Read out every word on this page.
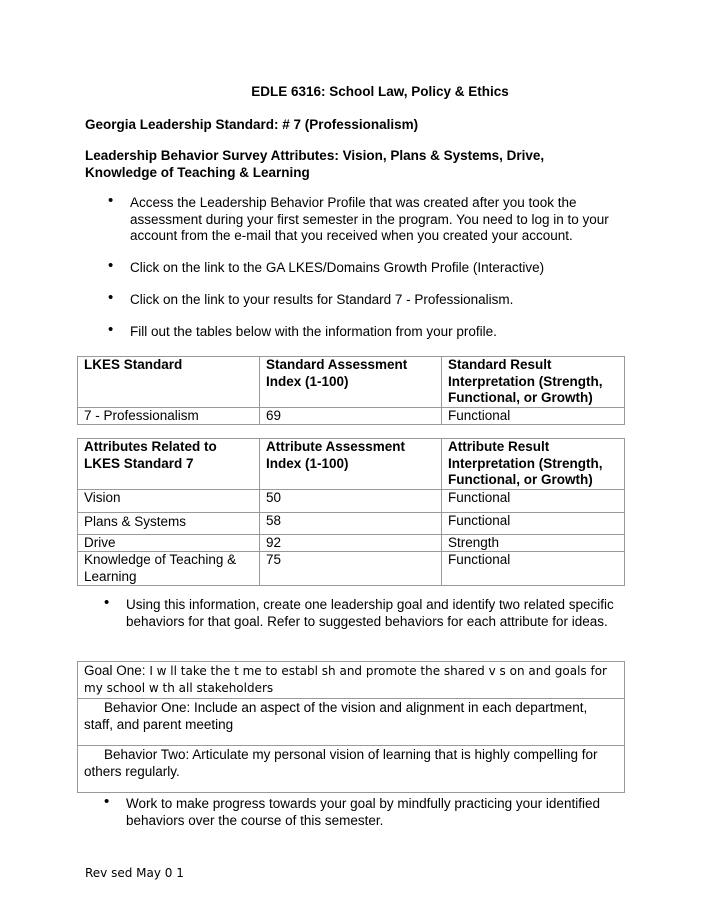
EDLE 6316: School Law, Policy & Ethics
Georgia Leadership Standard: # 7 (Professionalism)
Leadership Behavior Survey Attributes: Vision, Plans & Systems, Drive, Knowledge of Teaching & Learning
• Access the Leadership Behavior Profile that was created after you took the assessment during your first semester in the program. You need to log in to your account from the e-mail that you received when you created your account.
• Click on the link to the GA LKES/Domains Growth Profile (Interactive)
• Click on the link to your results for Standard 7 - Professionalism.
• Fill out the tables below with the information from your profile.
LKES Standard	Standard Assessment Index (1-100)	Standard Result Interpretation (Strength, Functional, or Growth)
7 - Professionalism	69	Functional
Attributes Related to LKES Standard 7	Attribute Assessment Index (1-100)	Attribute Result Interpretation (Strength, Functional, or Growth)
Vision	50	Functional
Plans & Systems	58	Functional
Drive	92	Strength
Knowledge of Teaching & Learning	75	Functional
• Using this information, create one leadership goal and identify two related specific behaviors for that goal. Refer to suggested behaviors for each attribute for ideas.
Goal One: I w ll take the t me to establ sh and promote the shared v s on and goals for my school w th all stakeholders
Behavior One: Include an aspect of the vision and alignment in each department, staff, and parent meeting
Behavior Two: Articulate my personal vision of learning that is highly compelling for others regularly.
• Work to make progress towards your goal by mindfully practicing your identified behaviors over the course of this semester.
Rev sed May 0 1
